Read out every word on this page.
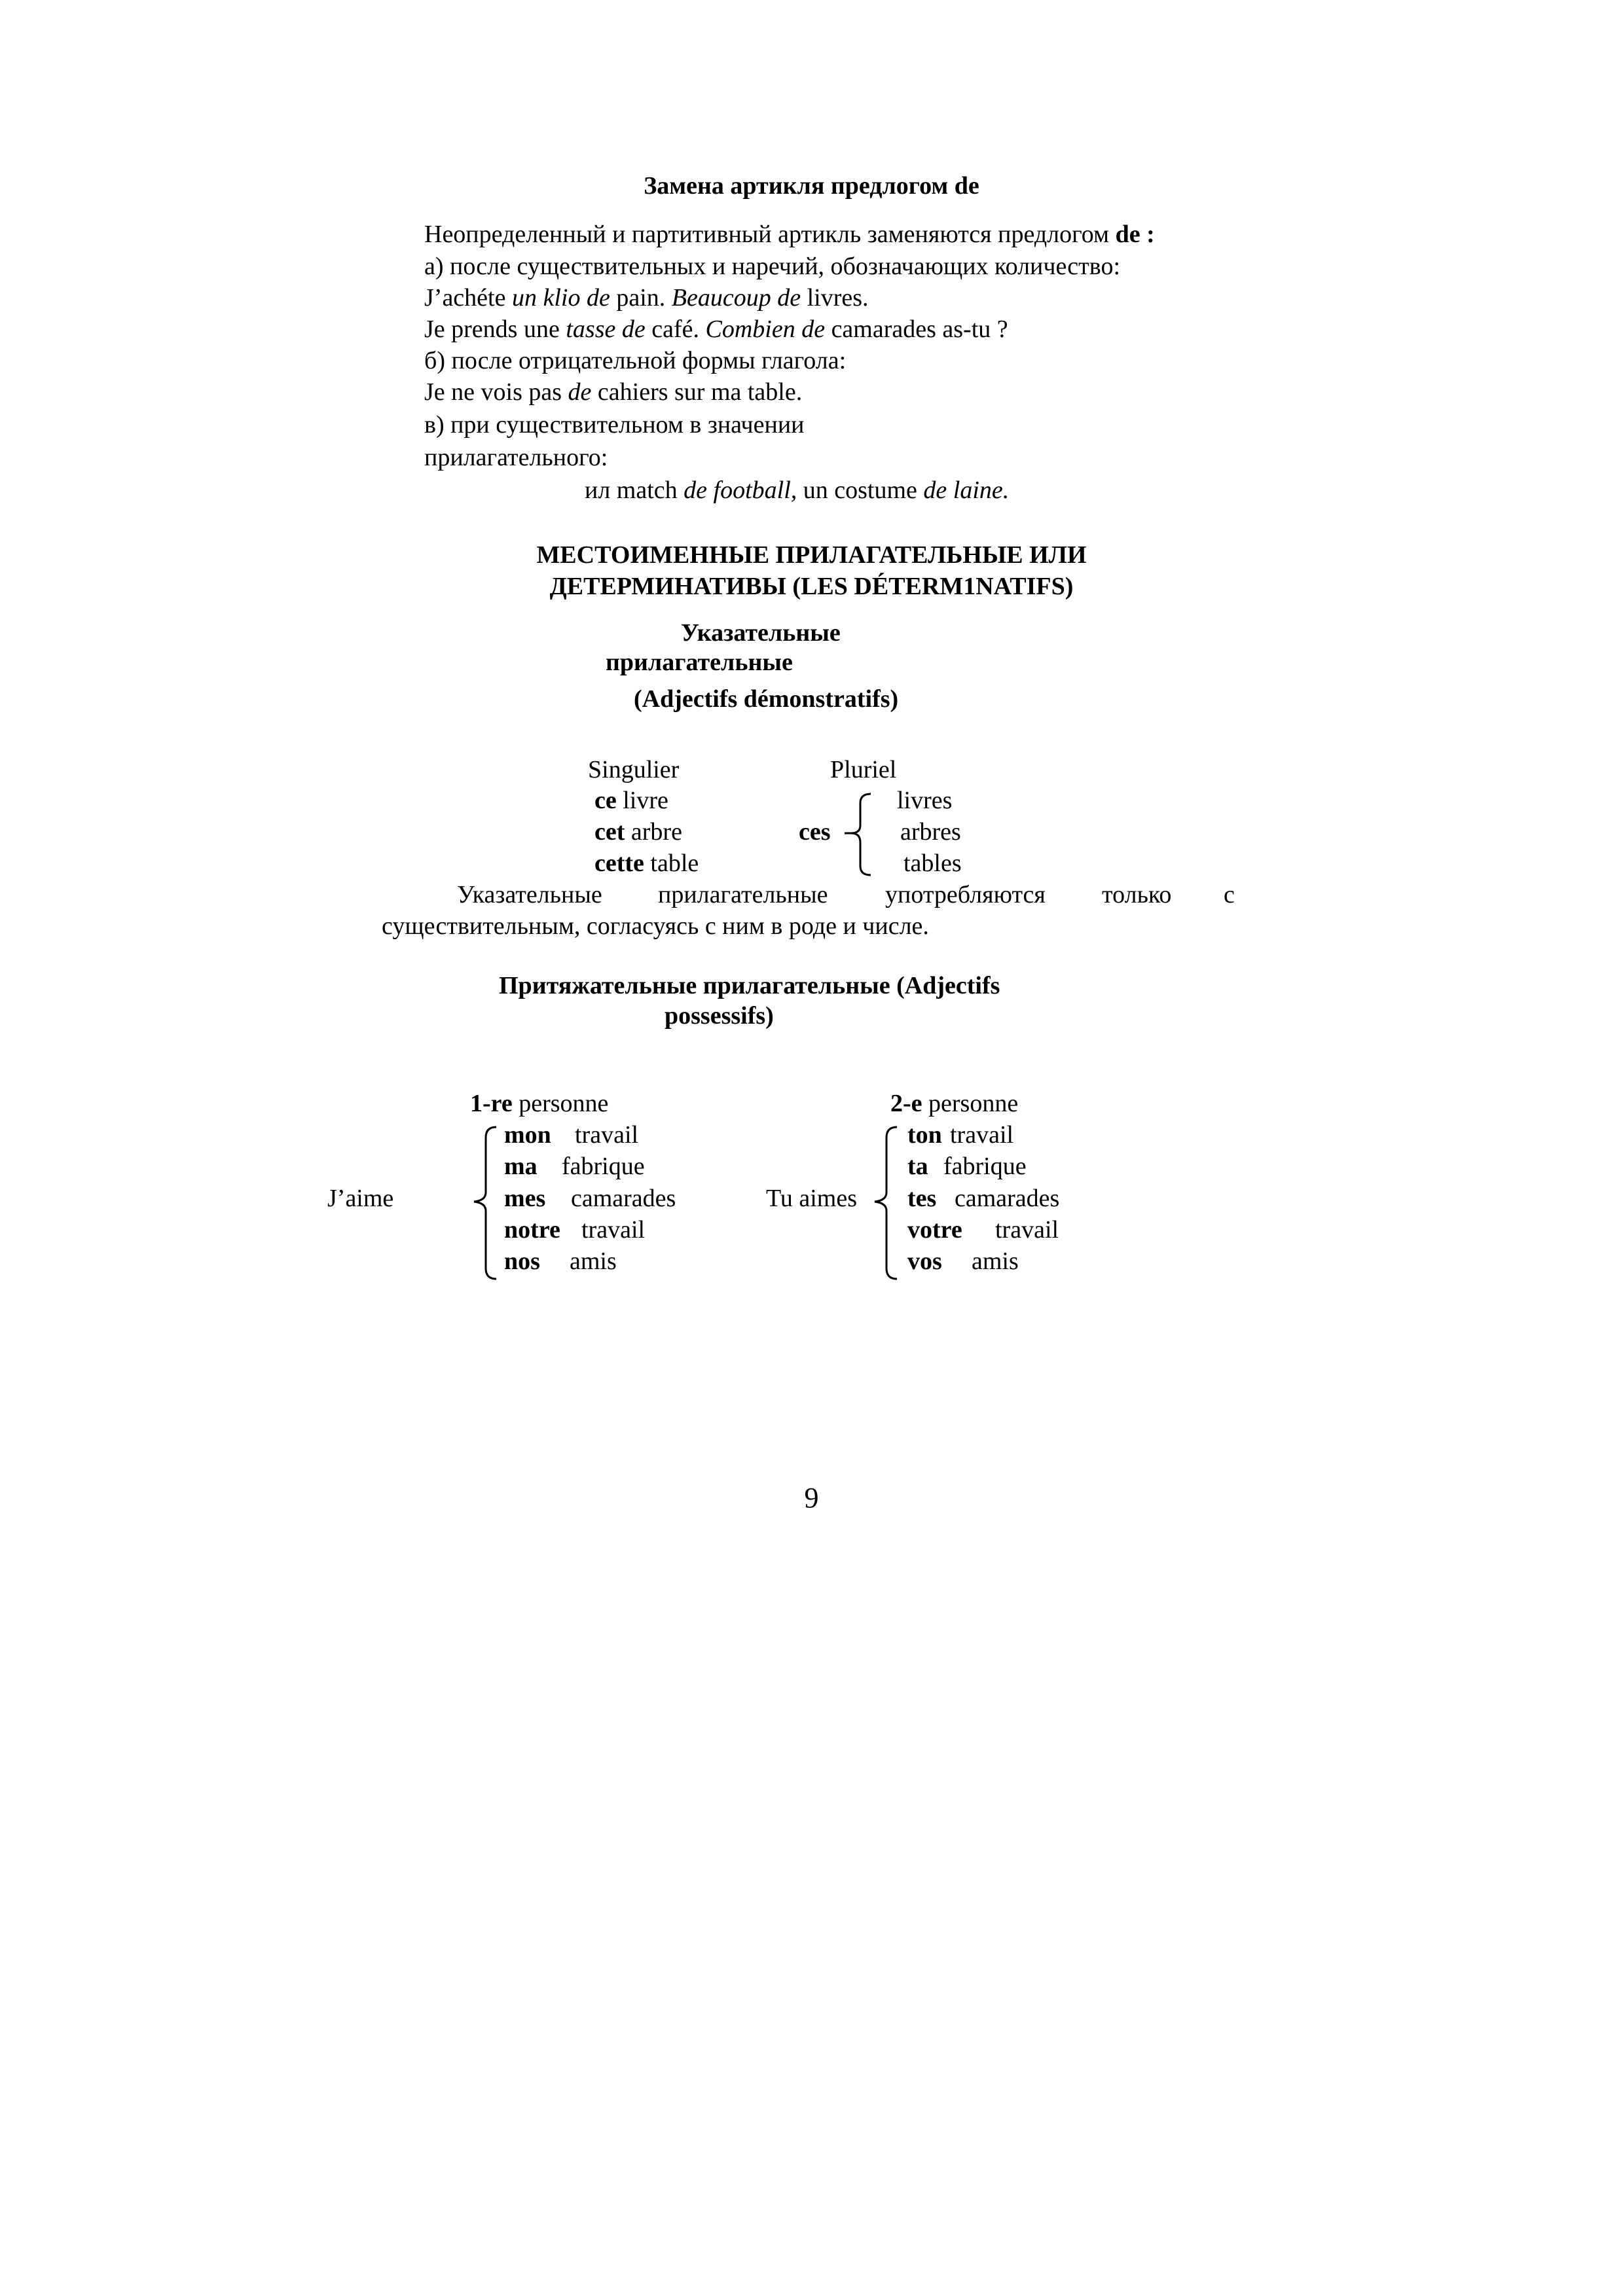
Замена артикля предлогом de
Неопределенный и партитивный артикль заменяются предлогом de :
а) после существительных и наречий, обозначающих количество:
J’achéte un klio de pain. Beaucoup de livres.
Je prends une tasse de café. Combien de camarades as-tu ?
б) после отрицательной формы глагола:
Je ne vois pas de cahiers sur ma table.
в) при существительном в значении
прилагательного:
ил match de football, un costume de laine.
МЕСТОИМЕННЫЕ ПРИЛАГАТЕЛЬНЫЕ ИЛИ
ДЕТЕРМИНАТИВЫ (LES DÉTERM1NATIFS)
Указательные
прилагательные
(Adjectifs démonstratifs)
Singulier	Pluriel
ce livre
cet arbre
cette table
ces
livres
arbres
tables
Указательные прилагательные употребляются только с
существительным, согласуясь с ним в роде и числе.
Притяжательные прилагательные (Adjectifs
possessifs)
1-re personne
J’aime
mon travail
ma fabrique
mes camarades
notre travail
nos amis
2-e personne
Tu aimes
ton travail
ta fabrique
tes camarades
votre travail
vos amis
9
